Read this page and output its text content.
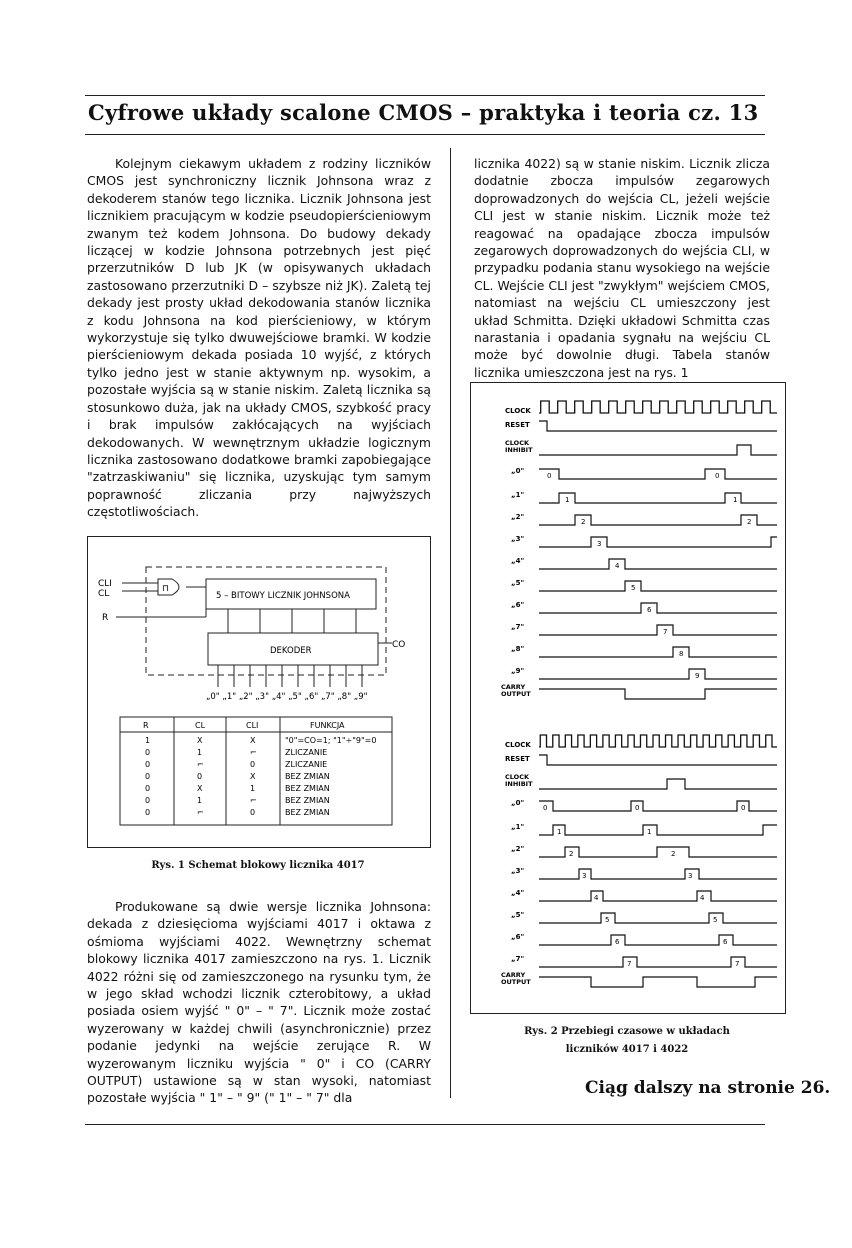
Cyfrowe układy scalone CMOS – praktyka i teoria cz. 13

Kolejnym ciekawym układem z rodziny liczników CMOS jest synchroniczny licznik Johnsona wraz z dekoderem stanów tego licznika. Licznik Johnsona jest licznikiem pracującym w kodzie pseudopierścieniowym zwanym też kodem Johnsona. Do budowy dekady liczącej w kodzie Johnsona potrzebnych jest pięć przerzutników D lub JK (w opisywanych układach zastosowano przerzutniki D – szybsze niż JK). Zaletą tej dekady jest prosty układ dekodowania stanów licznika z kodu Johnsona na kod pierścieniowy, w którym wykorzystuje się tylko dwuwejściowe bramki. W kodzie pierścieniowym dekada posiada 10 wyjść, z których tylko jedno jest w stanie aktywnym np. wysokim, a pozostałe wyjścia są w stanie niskim. Zaletą licznika są stosunkowo duża, jak na układy CMOS, szybkość pracy i brak impulsów zakłócających na wyjściach dekodowanych. W wewnętrznym układzie logicznym licznika zastosowano dodatkowe bramki zapobiegające "zatrzaskiwaniu" się licznika, uzyskując tym samym poprawność zliczania przy najwyższych częstotliwościach.

⊓
CLI
CL
R
5 – BITOWY LICZNIK JOHNSONA
DEKODER
CO
„0" „1" „2" „3" „4" „5" „6" „7" „8" „9"
R	CL	CLI	FUNKCJA
1	X	X	"0"=CO=1; "1"÷"9"=0
0	1	⌐	ZLICZANIE
0	⌐	0	ZLICZANIE
0	0	X	BEZ ZMIAN
0	X	1	BEZ ZMIAN
0	1	⌐	BEZ ZMIAN
0	⌐	0	BEZ ZMIAN
Rys. 1 Schemat blokowy licznika 4017

Produkowane są dwie wersje licznika Johnsona: dekada z dziesięcioma wyjściami 4017 i oktawa z ośmioma wyjściami 4022. Wewnętrzny schemat blokowy licznika 4017 zamieszczono na rys. 1. Licznik 4022 różni się od zamieszczonego na rysunku tym, że w jego skład wchodzi licznik czterobitowy, a układ posiada osiem wyjść " 0" – " 7". Licznik może zostać wyzerowany w każdej chwili (asynchronicznie) przez podanie jedynki na wejście zerujące R. W wyzerowanym liczniku wyjścia " 0" i CO (CARRY OUTPUT) ustawione są w stan wysoki, natomiast pozostałe wyjścia " 1" – " 9" (" 1" – " 7" dla

licznika 4022) są w stanie niskim. Licznik zlicza dodatnie zbocza impulsów zegarowych doprowadzonych do wejścia CL, jeżeli wejście CLI jest w stanie niskim. Licznik może też reagować na opadające zbocza impulsów zegarowych doprowadzonych do wejścia CLI, w przypadku podania stanu wysokiego na wejście CL. Wejście CLI jest "zwykłym" wejściem CMOS, natomiast na wejściu CL umieszczony jest układ Schmitta. Dzięki układowi Schmitta czas narastania i opadania sygnału na wejściu CL może być dowolnie długi. Tabela stanów licznika umieszczona jest na rys. 1

CLOCK
RESET
CLOCK
INHIBIT
„0"
0	0
„1"
1	1
„2"
2	2
„3"
3
„4"
4
„5"
5
„6"
6
„7"
7
„8"
8
„9"
9
CARRY
OUTPUT
CLOCK
RESET
CLOCK
INHIBIT
„0"
0	0	0
„1"
1	1
„2"
2	2
„3"
3	3
„4"
4	4
„5"
5	5
„6"
6	6
„7"
7	7
CARRY
OUTPUT
Rys. 2 Przebiegi czasowe w układach
liczników 4017 i 4022
Ciąg dalszy na stronie 26.
